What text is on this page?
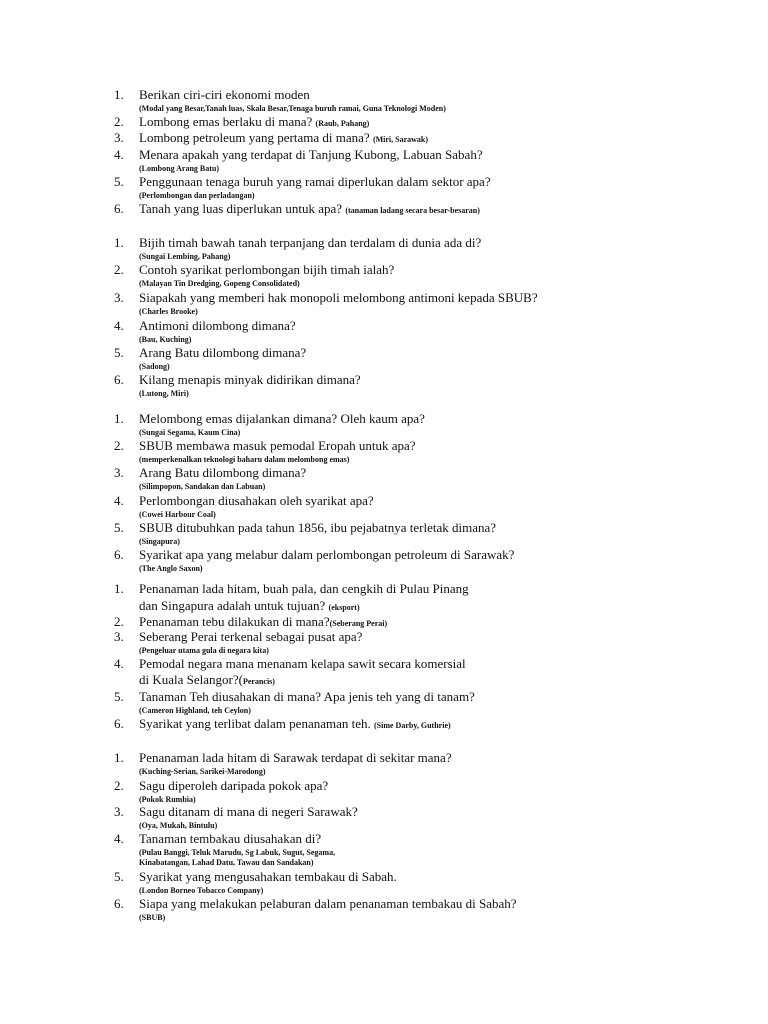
1. Berikan ciri-ciri ekonomi moden
(Modal yang Besar,Tanah luas, Skala Besar,Tenaga buruh ramai, Guna Teknologi Moden)
2. Lombong emas berlaku di mana? (Raub, Pahang)
3. Lombong petroleum yang pertama di mana? (Miri, Sarawak)
4. Menara apakah yang terdapat di Tanjung Kubong, Labuan Sabah?
(Lombong Arang Batu)
5. Penggunaan tenaga buruh yang ramai diperlukan dalam sektor apa?
(Perlombongan dan perladangan)
6. Tanah yang luas diperlukan untuk apa? (tanaman ladang secara besar-besaran)
1. Bijih timah bawah tanah terpanjang dan terdalam di dunia ada di?
(Sungai Lembing, Pahang)
2. Contoh syarikat perlombongan bijih timah ialah?
(Malayan Tin Dredging, Gopeng Consolidated)
3. Siapakah yang memberi hak monopoli melombong antimoni kepada SBUB?
(Charles Brooke)
4. Antimoni dilombong dimana?
(Bau, Kuching)
5. Arang Batu dilombong dimana?
(Sadong)
6. Kilang menapis minyak didirikan dimana?
(Lutong, Miri)
1. Melombong emas dijalankan dimana? Oleh kaum apa?
(Sungai Segama, Kaum Cina)
2. SBUB membawa masuk pemodal Eropah untuk apa?
(memperkenalkan teknologi baharu dalam melombong emas)
3. Arang Batu dilombong dimana?
(Silimpopon, Sandakan dan Labuan)
4. Perlombongan diusahakan oleh syarikat apa?
(Cowei Harbour Coal)
5. SBUB ditubuhkan pada tahun 1856, ibu pejabatnya terletak dimana?
(Singapura)
6. Syarikat apa yang melabur dalam perlombongan petroleum di Sarawak?
(The Anglo Saxon)
1. Penanaman lada hitam, buah pala, dan cengkih di Pulau Pinang
dan Singapura adalah untuk tujuan? (eksport)
2. Penanaman tebu dilakukan di mana?(Seberang Perai)
3. Seberang Perai terkenal sebagai pusat apa?
(Pengeluar utama gula di negara kita)
4. Pemodal negara mana menanam kelapa sawit secara komersial
di Kuala Selangor?(Perancis)
5. Tanaman Teh diusahakan di mana? Apa jenis teh yang di tanam?
(Cameron Highland, teh Ceylon)
6. Syarikat yang terlibat dalam penanaman teh. (Sime Darby, Guthrie)
1. Penanaman lada hitam di Sarawak terdapat di sekitar mana?
(Kuching-Serian, Sarikei-Marodong)
2. Sagu diperoleh daripada pokok apa?
(Pokok Rumbia)
3. Sagu ditanam di mana di negeri Sarawak?
(Oya, Mukah, Bintulu)
4. Tanaman tembakau diusahakan di?
(Pulau Banggi, Teluk Marudu, Sg Labuk, Sugut, Segama,
Kinabatangan, Lahad Datu, Tawau dan Sandakan)
5. Syarikat yang mengusahakan tembakau di Sabah.
(London Borneo Tobacco Company)
6. Siapa yang melakukan pelaburan dalam penanaman tembakau di Sabah?
(SBUB)
